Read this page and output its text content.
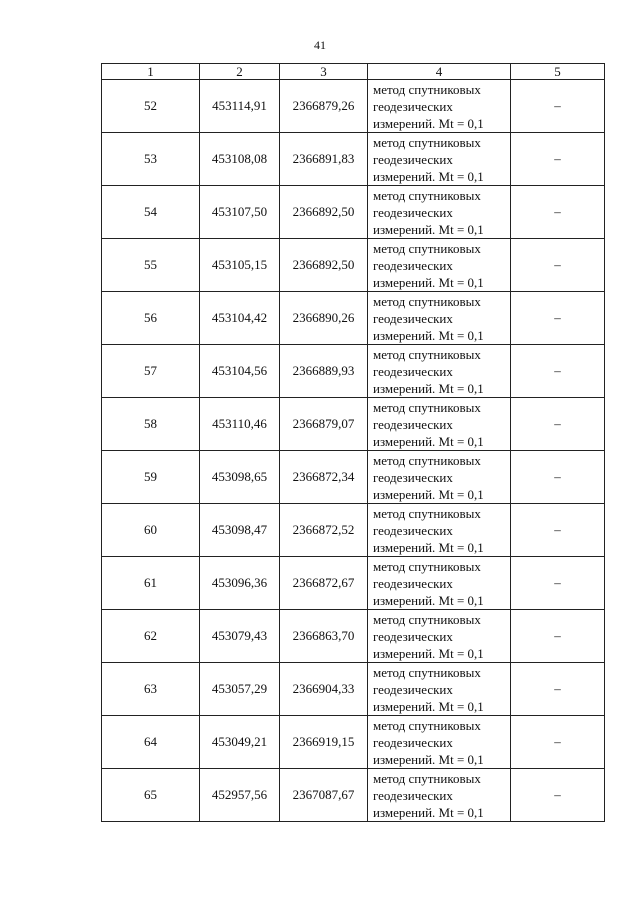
41
1	2	3	4	5
52	453114,91	2366879,26	метод спутниковых
геодезических
измерений. Mt = 0,1	–
53	453108,08	2366891,83	метод спутниковых
геодезических
измерений. Mt = 0,1	–
54	453107,50	2366892,50	метод спутниковых
геодезических
измерений. Mt = 0,1	–
55	453105,15	2366892,50	метод спутниковых
геодезических
измерений. Mt = 0,1	–
56	453104,42	2366890,26	метод спутниковых
геодезических
измерений. Mt = 0,1	–
57	453104,56	2366889,93	метод спутниковых
геодезических
измерений. Mt = 0,1	–
58	453110,46	2366879,07	метод спутниковых
геодезических
измерений. Mt = 0,1	–
59	453098,65	2366872,34	метод спутниковых
геодезических
измерений. Mt = 0,1	–
60	453098,47	2366872,52	метод спутниковых
геодезических
измерений. Mt = 0,1	–
61	453096,36	2366872,67	метод спутниковых
геодезических
измерений. Mt = 0,1	–
62	453079,43	2366863,70	метод спутниковых
геодезических
измерений. Mt = 0,1	–
63	453057,29	2366904,33	метод спутниковых
геодезических
измерений. Mt = 0,1	–
64	453049,21	2366919,15	метод спутниковых
геодезических
измерений. Mt = 0,1	–
65	452957,56	2367087,67	метод спутниковых
геодезических
измерений. Mt = 0,1	–
